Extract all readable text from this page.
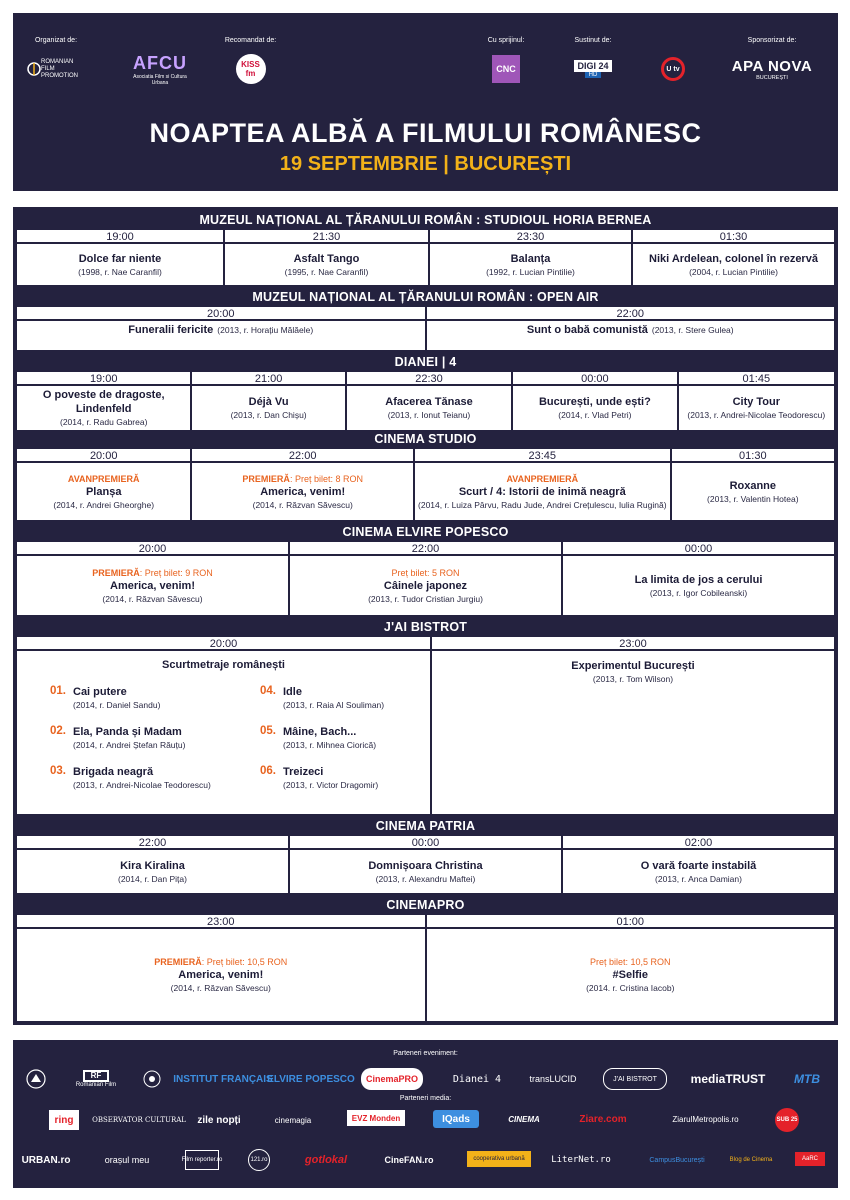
Organizat de:
ROMANIAN FILM PROMOTION
AFCU
Asociatia Film si Cultura Urbana
Recomandat de:
KISS fm
Cu sprijinul:
CNC
Sustinut de:
DIGI 24
HD
U tv
Sponsorizat de:
APA NOVA
BUCUREȘTI
NOAPTEA ALBĂ A FILMULUI ROMÂNESC
19 SEPTEMBRIE | BUCUREȘTI
MUZEUL NAȚIONAL AL ȚĂRANULUI ROMÂN : STUDIOUL HORIA BERNEA
19:00
Dolce far niente
(1998, r. Nae Caranfil)
21:30
Asfalt Tango
(1995, r. Nae Caranfil)
23:30
Balanța
(1992, r. Lucian Pintilie)
01:30
Niki Ardelean, colonel în rezervă
(2004, r. Lucian Pintilie)
MUZEUL NAȚIONAL AL ȚĂRANULUI ROMÂN : OPEN AIR
20:00
Funeralii fericite (2013, r. Horațiu Mălăele)
22:00
Sunt o babă comunistă (2013, r. Stere Gulea)
DIANEI | 4
19:00
O poveste de dragoste, Lindenfeld
(2014, r. Radu Gabrea)
21:00
Déjà Vu
(2013, r. Dan Chișu)
22:30
Afacerea Tănase
(2013, r. Ionut Teianu)
00:00
București, unde ești?
(2014, r. Vlad Petri)
01:45
City Tour
(2013, r. Andrei-Nicolae Teodorescu)
CINEMA STUDIO
20:00
AVANPREMIERĂ
Planșa
(2014, r. Andrei Gheorghe)
22:00
PREMIERĂ: Preț bilet: 8 RON
America, venim!
(2014, r. Răzvan Săvescu)
23:45
AVANPREMIERĂ
Scurt / 4: Istorii de inimă neagră
(2014, r. Luiza Pârvu, Radu Jude, Andrei Crețulescu, Iulia Rugină)
01:30
Roxanne
(2013, r. Valentin Hotea)
CINEMA ELVIRE POPESCO
20:00
PREMIERĂ: Preț bilet: 9 RON
America, venim!
(2014, r. Răzvan Săvescu)
22:00
Preț bilet: 5 RON
Câinele japonez
(2013, r. Tudor Cristian Jurgiu)
00:00
La limita de jos a cerului
(2013, r. Igor Cobileanski)
J'AI BISTROT
20:00
Scurtmetraje românești
01. Cai putere
(2014, r. Daniel Sandu)
04. Idle
(2013, r. Raia Al Souliman)
02. Ela, Panda și Madam
(2014, r. Andrei Ștefan Răuțu)
05. Mâine, Bach...
(2013, r. Mihnea Ciorică)
03. Brigada neagră
(2013, r. Andrei-Nicolae Teodorescu)
06. Treizeci
(2013, r. Victor Dragomir)
23:00
Experimentul București
(2013, r. Tom Wilson)
CINEMA PATRIA
22:00
Kira Kiralina
(2014, r. Dan Pița)
00:00
Domnișoara Christina
(2013, r. Alexandru Maftei)
02:00
O vară foarte instabilă
(2013, r. Anca Damian)
CINEMAPRO
23:00
PREMIERĂ: Preț bilet: 10,5 RON
America, venim!
(2014, r. Răzvan Săvescu)
01:00
Preț bilet: 10,5 RON
#Selfie
(2014. r. Cristina Iacob)
Parteneri eveniment:
RF
Romanian Film
INSTITUT FRANÇAIS
ELVIRE POPESCO	CinemaPRO	Dianei 4	transLUCID	J'AI BISTROT	mediaTRUST	MTB
Parteneri media:
ring	OBSERVATOR CULTURAL	zile nopți	cinemagia	EVZ Monden	IQads	CINEMA	Ziare.com	ZiarulMetropolis.ro	SUB 25
URBAN.ro	orașul meu	Film reporter.ro	121.ro	gotlokal	CineFAN.ro	cooperativa urbană	LiterNet.ro	CampusBucurești	Blog de Cinema	AaRC
